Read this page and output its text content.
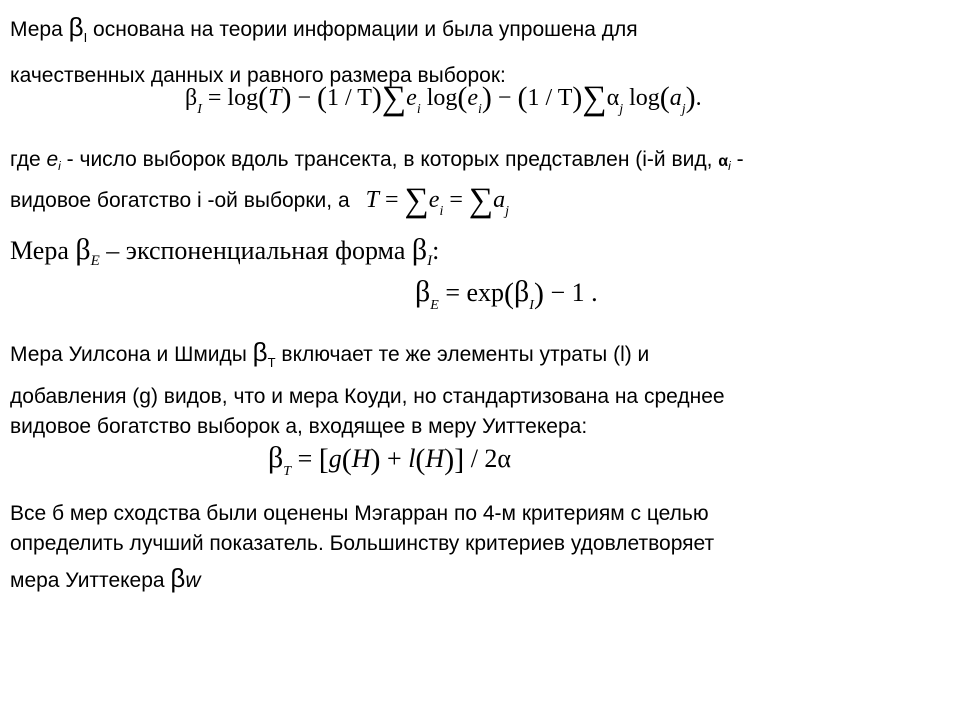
Мера $\beta_I$ основана на теории информации и была упрошена для
качественных данных и равного размера выборок:
$\beta_I = \log(T) - (1 / T)\sum e_i$ $\log(e_i) - (1 / T)\sum\alpha_j$ $\log(a_j)$.
где ei - число выборок вдоль трансекта, в которых представлен (i-й вид, αi -
видовое богатство i -ой выборки, а $T = \sum e_i = \sum a_j$
Мера $\beta_E$ – экспоненциальная форма $\beta_I$:
$\beta_E = \exp(\beta_I) - 1$ .
Мера Уилсона и Шмиды $\beta_T$ включает те же элементы утраты (l) и
добавления (g) видов, что и мера Коуди, но стандартизована на среднее
видовое богатство выборок a, входящее в меру Уиттекера:
$\beta_T = [g(H) + l(H)] / 2\alpha$
Все б мер сходства были оценены Мэгарран по 4-м критериям с целью
определить лучший показатель. Большинству критериев удовлетворяет
мера Уиттекера βw
